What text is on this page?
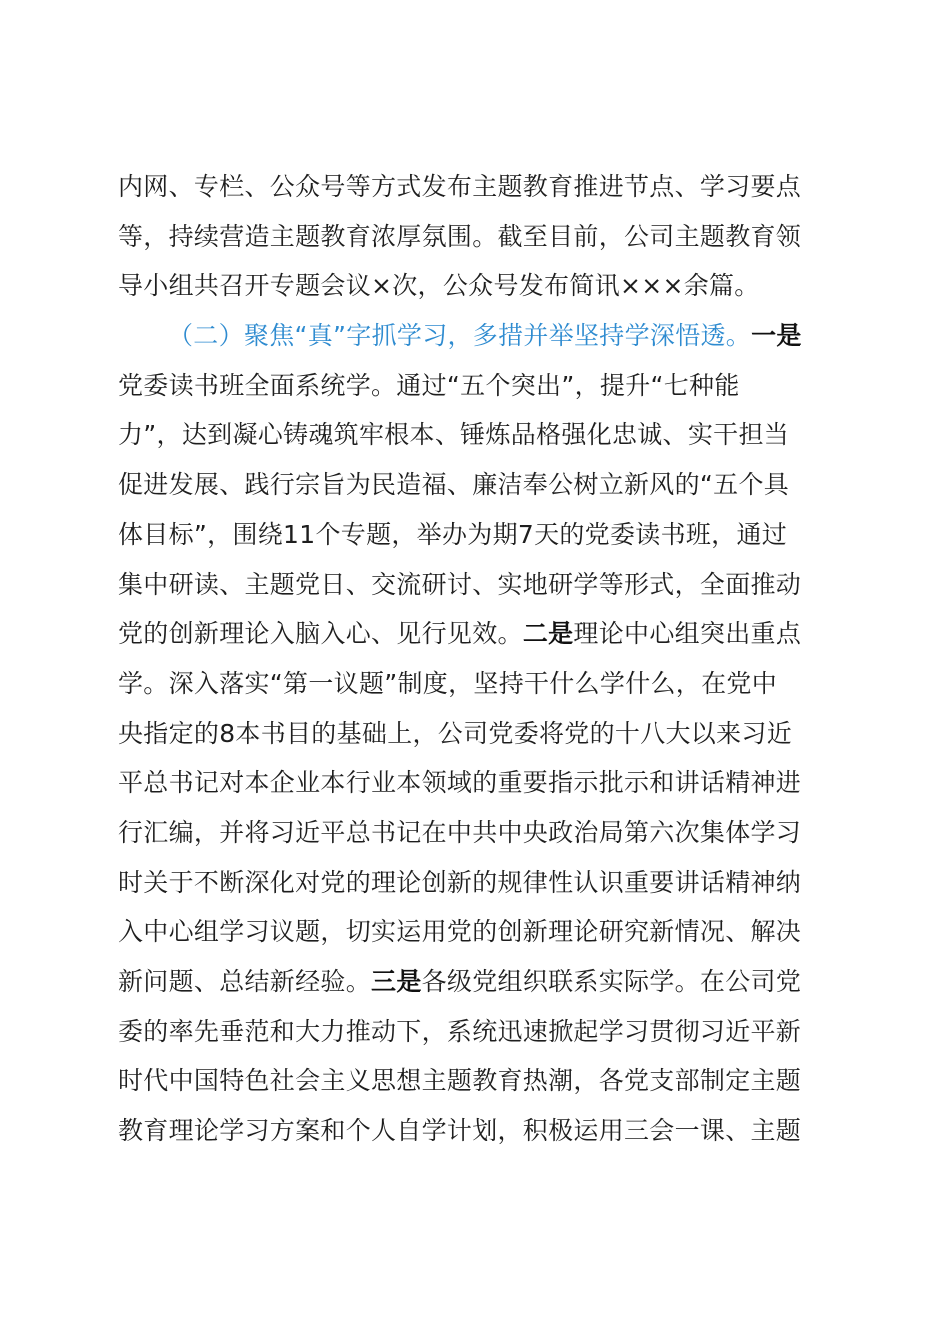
内网、专栏、公众号等方式发布主题教育推进节点、学习要点
等，持续营造主题教育浓厚氛围。截至目前，公司主题教育领
导小组共召开专题会议×次，公众号发布简讯×××余篇。
（二）聚焦“真”字抓学习，多措并举坚持学深悟透。一是
党委读书班全面系统学。通过“五个突出”，提升“七种能
力”，达到凝心铸魂筑牢根本、锤炼品格强化忠诚、实干担当
促进发展、践行宗旨为民造福、廉洁奉公树立新风的“五个具
体目标”，围绕11个专题，举办为期7天的党委读书班，通过
集中研读、主题党日、交流研讨、实地研学等形式，全面推动
党的创新理论入脑入心、见行见效。二是理论中心组突出重点
学。深入落实“第一议题”制度，坚持干什么学什么，在党中
央指定的8本书目的基础上，公司党委将党的十八大以来习近
平总书记对本企业本行业本领域的重要指示批示和讲话精神进
行汇编，并将习近平总书记在中共中央政治局第六次集体学习
时关于不断深化对党的理论创新的规律性认识重要讲话精神纳
入中心组学习议题，切实运用党的创新理论研究新情况、解决
新问题、总结新经验。三是各级党组织联系实际学。在公司党
委的率先垂范和大力推动下，系统迅速掀起学习贯彻习近平新
时代中国特色社会主义思想主题教育热潮，各党支部制定主题
教育理论学习方案和个人自学计划，积极运用三会一课、主题
